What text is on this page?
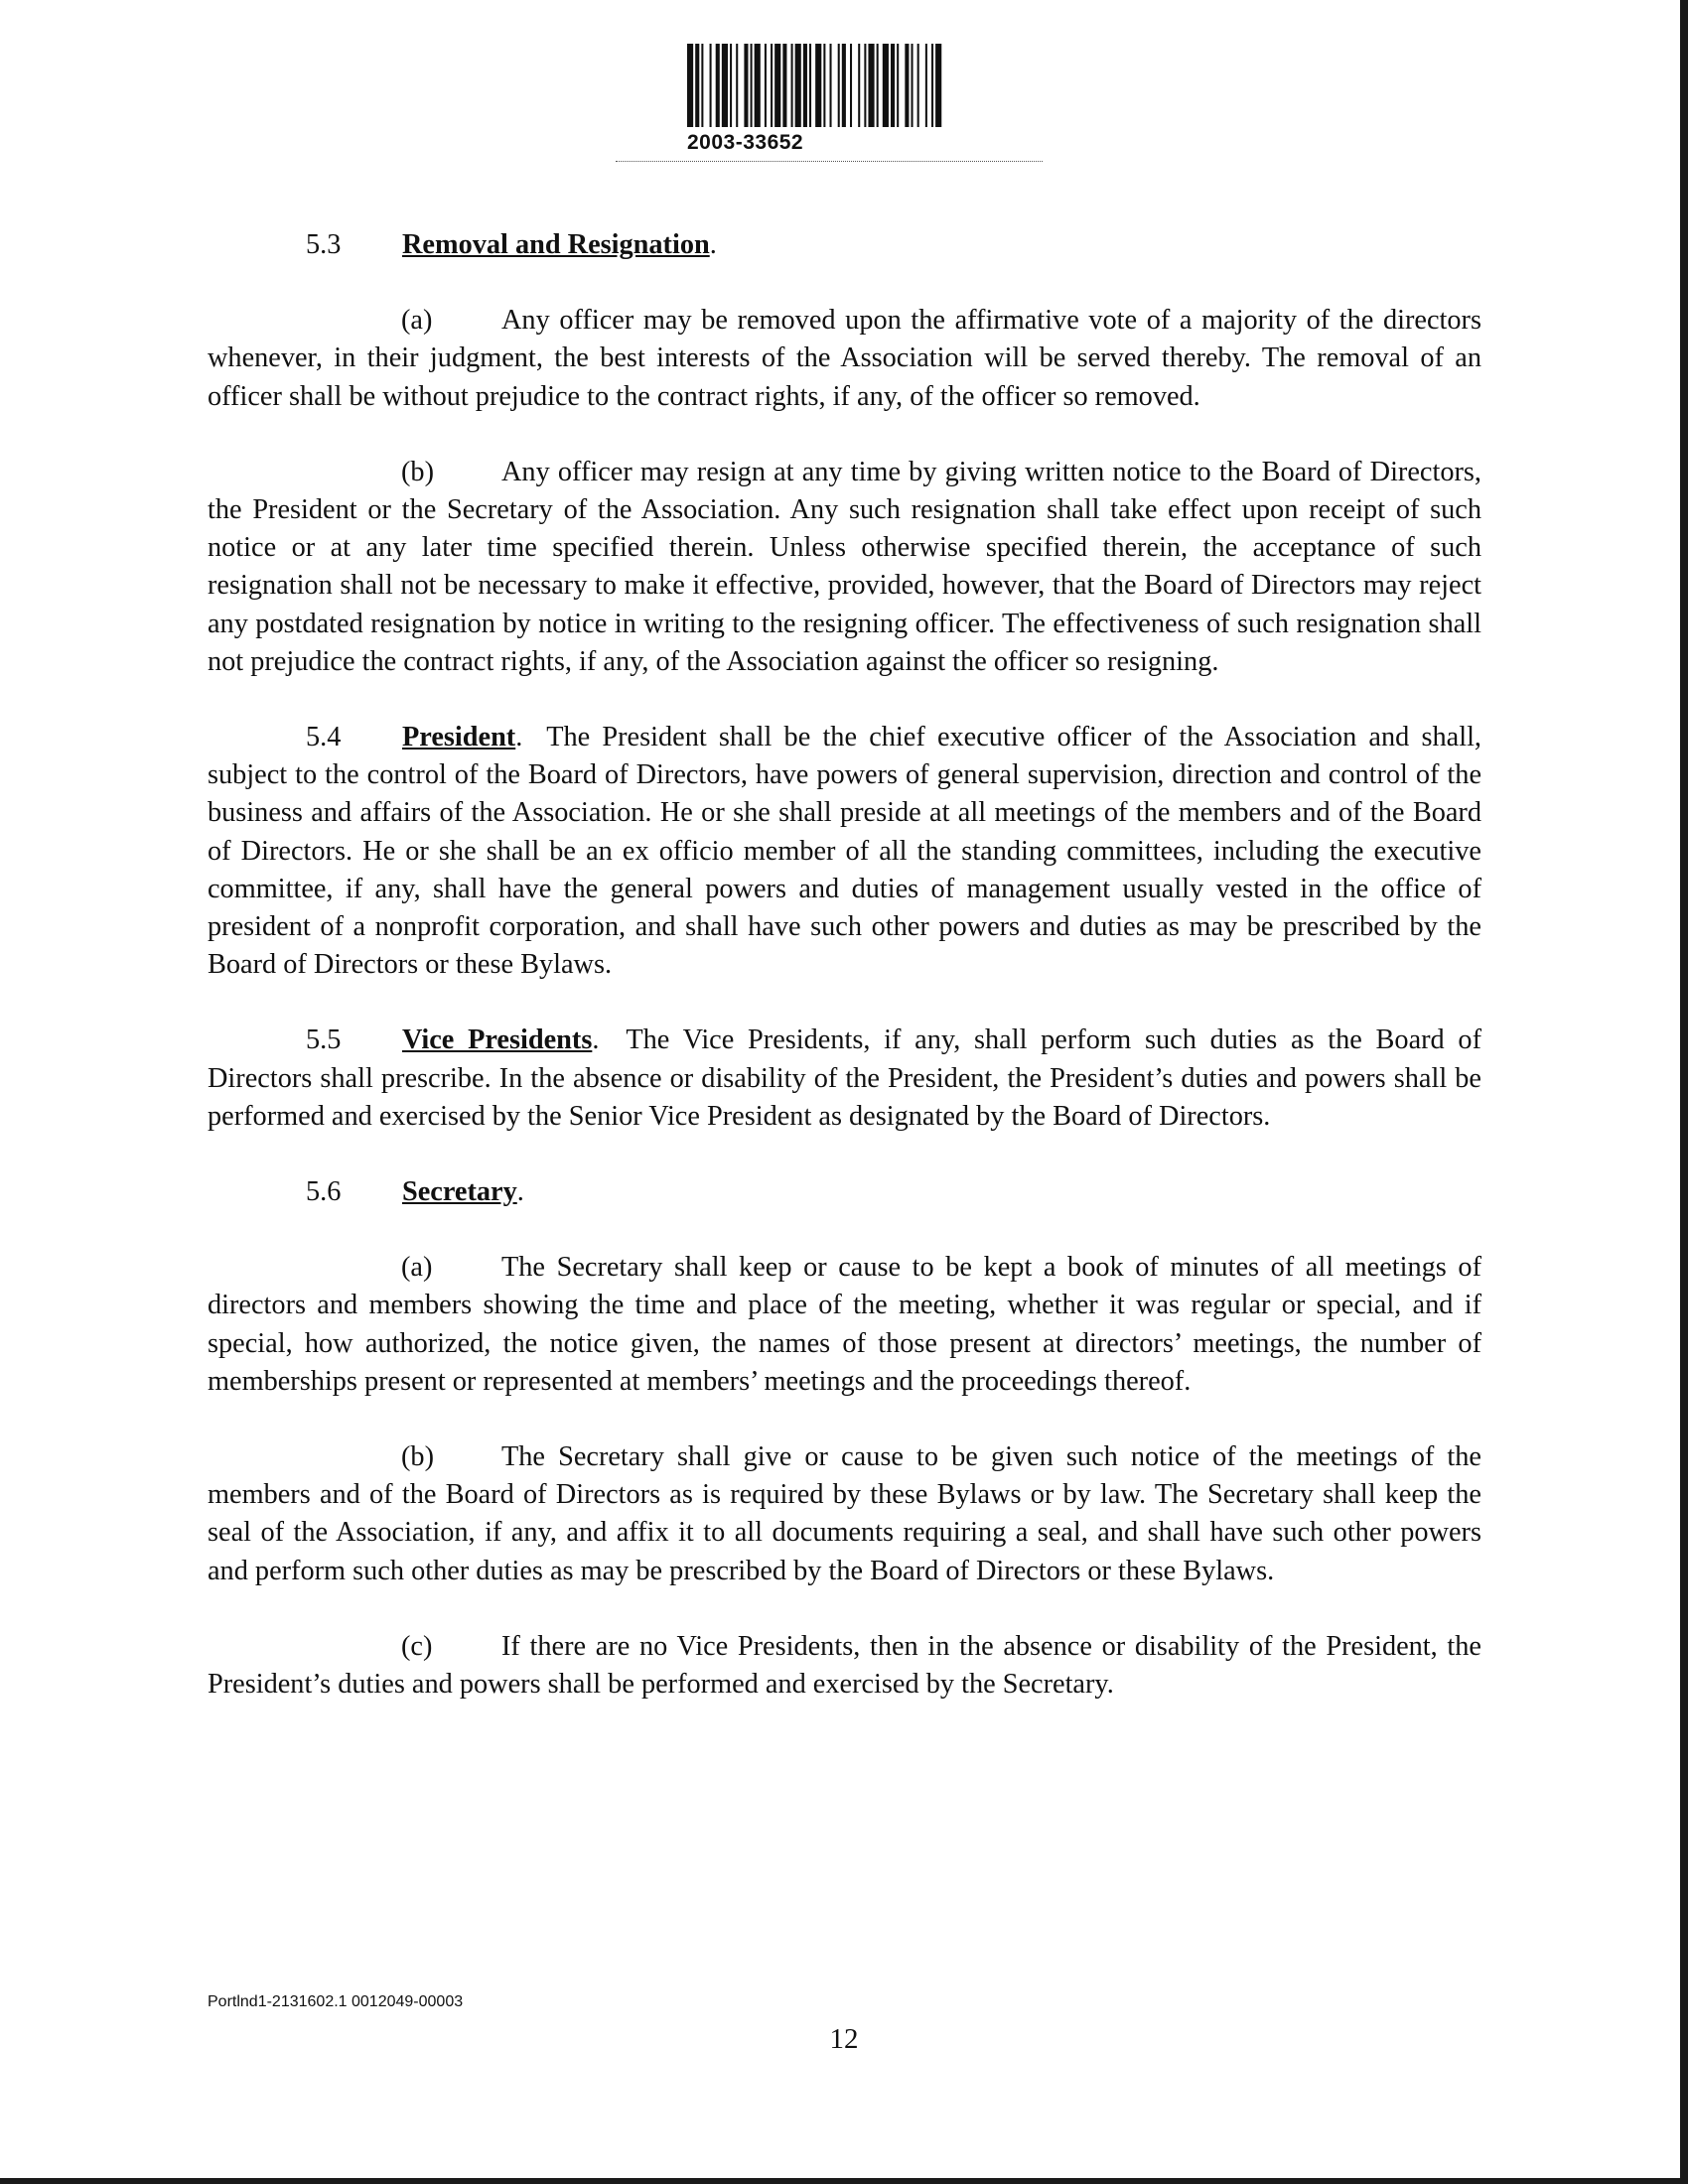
2003-33652

5.3 Removal and Resignation.

(a) Any officer may be removed upon the affirmative vote of a majority of the directors whenever, in their judgment, the best interests of the Association will be served thereby. The removal of an officer shall be without prejudice to the contract rights, if any, of the officer so removed.

(b) Any officer may resign at any time by giving written notice to the Board of Directors, the President or the Secretary of the Association. Any such resignation shall take effect upon receipt of such notice or at any later time specified therein. Unless otherwise specified therein, the acceptance of such resignation shall not be necessary to make it effective, provided, however, that the Board of Directors may reject any postdated resignation by notice in writing to the resigning officer. The effectiveness of such resignation shall not prejudice the contract rights, if any, of the Association against the officer so resigning.

5.4 President.  The President shall be the chief executive officer of the Association and shall, subject to the control of the Board of Directors, have powers of general supervision, direction and control of the business and affairs of the Association. He or she shall preside at all meetings of the members and of the Board of Directors. He or she shall be an ex officio member of all the standing committees, including the executive committee, if any, shall have the general powers and duties of management usually vested in the office of president of a nonprofit corporation, and shall have such other powers and duties as may be prescribed by the Board of Directors or these Bylaws.

5.5 Vice Presidents.  The Vice Presidents, if any, shall perform such duties as the Board of Directors shall prescribe. In the absence or disability of the President, the President’s duties and powers shall be performed and exercised by the Senior Vice President as designated by the Board of Directors.

5.6 Secretary.

(a) The Secretary shall keep or cause to be kept a book of minutes of all meetings of directors and members showing the time and place of the meeting, whether it was regular or special, and if special, how authorized, the notice given, the names of those present at directors’ meetings, the number of memberships present or represented at members’ meetings and the proceedings thereof.

(b) The Secretary shall give or cause to be given such notice of the meetings of the members and of the Board of Directors as is required by these Bylaws or by law. The Secretary shall keep the seal of the Association, if any, and affix it to all documents requiring a seal, and shall have such other powers and perform such other duties as may be prescribed by the Board of Directors or these Bylaws.

(c) If there are no Vice Presidents, then in the absence or disability of the President, the President’s duties and powers shall be performed and exercised by the Secretary.

Portlnd1-2131602.1 0012049-00003
12
